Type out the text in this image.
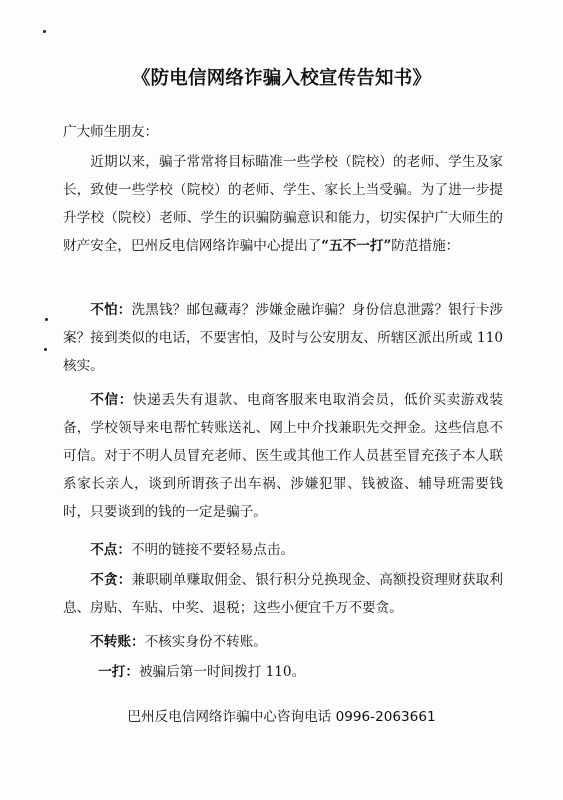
《防电信网络诈骗入校宣传告知书》
广大师生朋友：

近期以来，骗子常常将目标瞄准一些学校（院校）的老师、学生及家长，致使一些学校（院校）的老师、学生、家长上当受骗。为了进一步提升学校（院校）老师、学生的识骗防骗意识和能力，切实保护广大师生的财产安全，巴州反电信网络诈骗中心提出了“五不一打”防范措施：

不怕：洗黑钱？邮包藏毒？涉嫌金融诈骗？身份信息泄露？银行卡涉案？接到类似的电话，不要害怕，及时与公安朋友、所辖区派出所或 110 核实。

不信：快递丢失有退款、电商客服来电取消会员，低价买卖游戏装备，学校领导来电帮忙转账送礼、网上中介找兼职先交押金。这些信息不可信。对于不明人员冒充老师、医生或其他工作人员甚至冒充孩子本人联系家长亲人，谈到所谓孩子出车祸、涉嫌犯罪、钱被盗、辅导班需要钱时，只要谈到的钱的一定是骗子。

不点：不明的链接不要轻易点击。

不贪：兼职刷单赚取佣金、银行积分兑换现金、高额投资理财获取利息、房贴、车贴、中奖、退税；这些小便宜千万不要贪。

不转账：不核实身份不转账。

一打：被骗后第一时间拨打 110。

巴州反电信网络诈骗中心咨询电话 0996-2063661
